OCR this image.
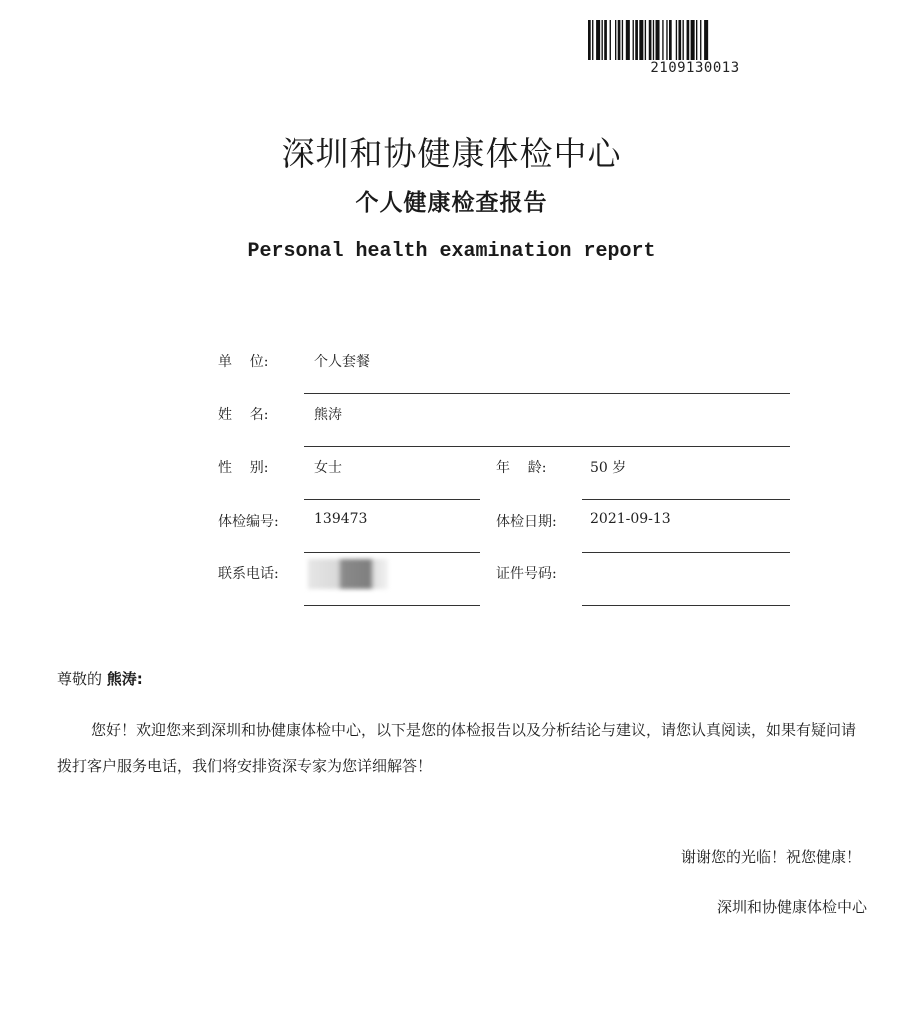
2109130013
深圳和协健康体检中心
个人健康检查报告
Personal health examination report
单    位:	个人套餐
姓    名:	熊涛
性    别:	女士	年    龄:	50 岁
体检编号:	139473	体检日期: 2021-09-13
联系电话:	证件号码:
尊敬的 熊涛:
您好！欢迎您来到深圳和协健康体检中心，以下是您的体检报告以及分析结论与建议，请您认真阅读，如果有疑问请拨打客户服务电话，我们将安排资深专家为您详细解答！
谢谢您的光临！祝您健康！
深圳和协健康体检中心
